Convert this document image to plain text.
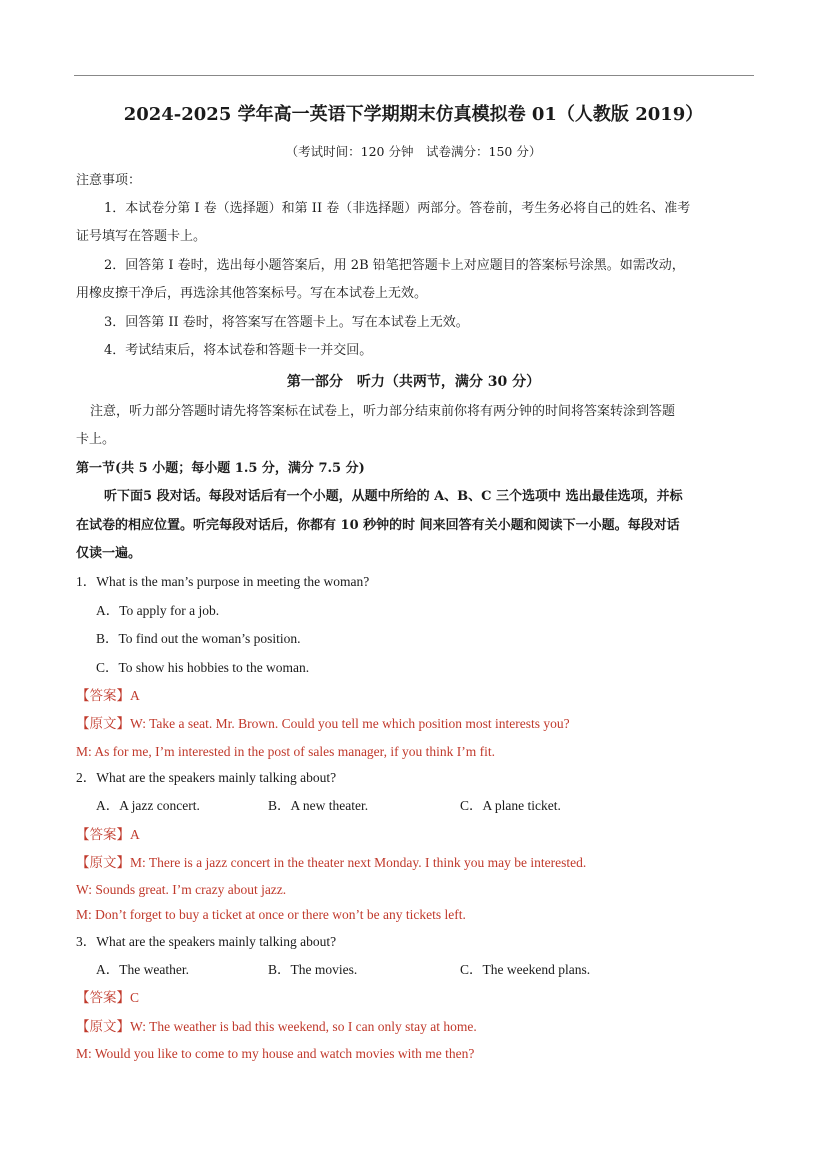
2024-2025 学年高一英语下学期期末仿真模拟卷 01（人教版 2019）
（考试时间：120 分钟　试卷满分：150 分）
注意事项：
1．本试卷分第 I 卷（选择题）和第 II 卷（非选择题）两部分。答卷前，考生务必将自己的姓名、准考
证号填写在答题卡上。
2．回答第 I 卷时，选出每小题答案后，用 2B 铅笔把答题卡上对应题目的答案标号涂黑。如需改动，
用橡皮擦干净后，再选涂其他答案标号。写在本试卷上无效。
3．回答第 II 卷时，将答案写在答题卡上。写在本试卷上无效。
4．考试结束后，将本试卷和答题卡一并交回。
第一部分　听力（共两节，满分 30 分）
注意，听力部分答题时请先将答案标在试卷上，听力部分结束前你将有两分钟的时间将答案转涂到答题
卡上。
第一节(共 5 小题；每小题 1.5 分，满分 7.5 分)
听下面5 段对话。每段对话后有一个小题，从题中所给的 A、B、C 三个选项中 选出最佳选项，并标
在试卷的相应位置。听完每段对话后，你都有 10 秒钟的时 间来回答有关小题和阅读下一小题。每段对话
仅读一遍。
1．What is the man’s purpose in meeting the woman?
A．To apply for a job.
B．To find out the woman’s position.
C．To show his hobbies to the woman.
【答案】A
【原文】W: Take a seat. Mr. Brown. Could you tell me which position most interests you?
M: As for me, I’m interested in the post of sales manager, if you think I’m fit.
2．What are the speakers mainly talking about?
A．A jazz concert.	B．A new theater.	C．A plane ticket.
【答案】A
【原文】M: There is a jazz concert in the theater next Monday. I think you may be interested.
W: Sounds great. I’m crazy about jazz.
M: Don’t forget to buy a ticket at once or there won’t be any tickets left.
3．What are the speakers mainly talking about?
A．The weather.	B．The movies.	C．The weekend plans.
【答案】C
【原文】W: The weather is bad this weekend, so I can only stay at home.
M: Would you like to come to my house and watch movies with me then?
